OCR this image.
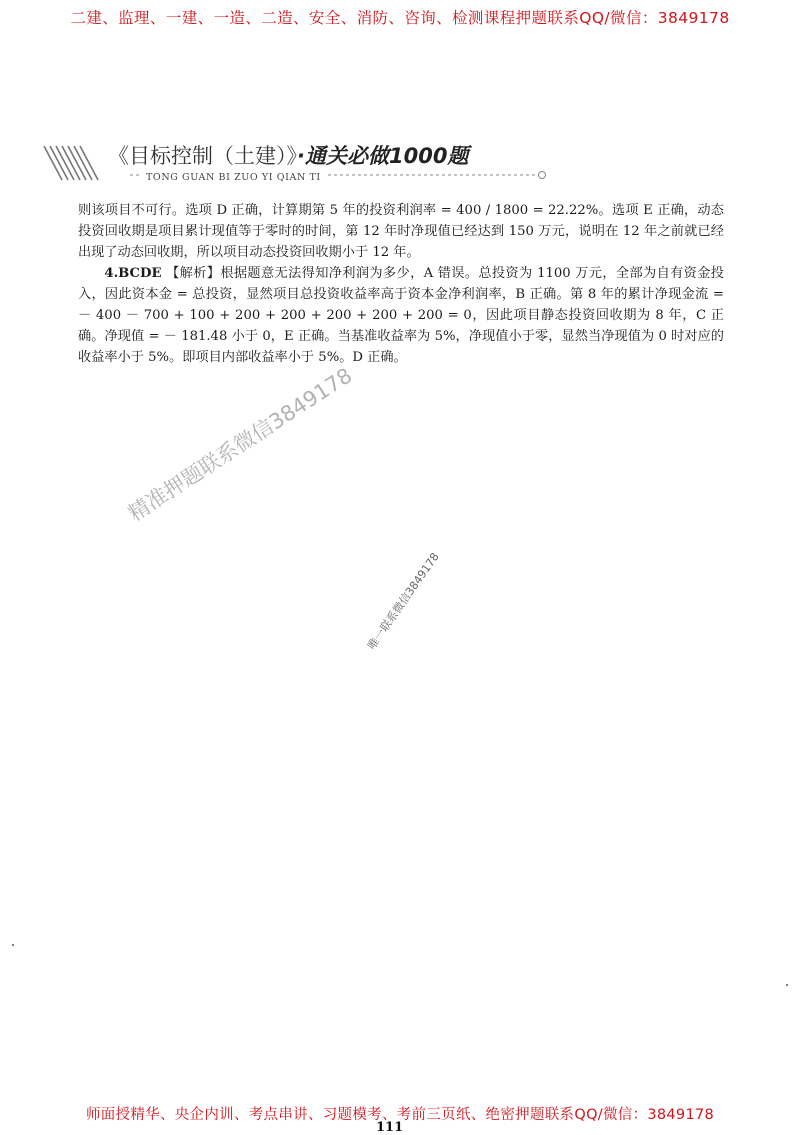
二建、监理、一建、一造、二造、安全、消防、咨询、检测课程押题联系QQ/微信：3849178
《目标控制（土建）》·通关必做1000题
TONG GUAN BI ZUO YI QIAN TI

则该项目不可行。选项 D 正确，计算期第 5 年的投资利润率 = 400 / 1800 = 22.22%。选项 E 正确，动态投资回收期是项目累计现值等于零时的时间，第 12 年时净现值已经达到 150 万元，说明在 12 年之前就已经出现了动态回收期，所以项目动态投资回收期小于 12 年。

4.BCDE 【解析】根据题意无法得知净利润为多少，A 错误。总投资为 1100 万元，全部为自有资金投入，因此资本金 = 总投资，显然项目总投资收益率高于资本金净利润率，B 正确。第 8 年的累计净现金流 = － 400 － 700 + 100 + 200 + 200 + 200 + 200 + 200 = 0，因此项目静态投资回收期为 8 年，C 正确。净现值 = － 181.48 小于 0，E 正确。当基准收益率为 5%，净现值小于零，显然当净现值为 0 时对应的收益率小于 5%。即项目内部收益率小于 5%。D 正确。

精准押题联系微信3849178
唯一联系微信3849178
师面授精华、央企内训、考点串讲、习题模考、考前三页纸、绝密押题联系QQ/微信：3849178
111
